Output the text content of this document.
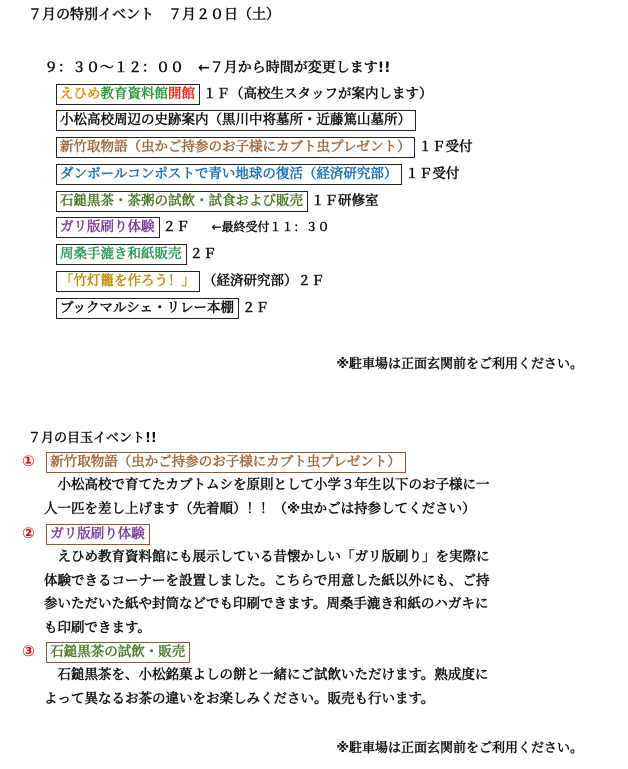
７月の特別イベント　７月２０日（土）
９：３０～１２：００　←７月から時間が変更します!!
えひめ教育資料館開館 １Ｆ（高校生スタッフが案内します）
小松高校周辺の史跡案内（黒川中将墓所・近藤篤山墓所）
新竹取物語（虫かご持参のお子様にカブト虫プレゼント） １Ｆ受付
ダンボールコンポストで青い地球の復活（経済研究部） １Ｆ受付
石鎚黒茶・茶粥の試飲・試食および販売 １Ｆ研修室
ガリ版刷り体験 ２Ｆ ←最終受付１１：３０
周桑手漉き和紙販売 ２Ｆ
「竹灯籠を作ろう！」 （経済研究部）２Ｆ
ブックマルシェ・リレー本棚 ２Ｆ
※駐車場は正面玄関前をご利用ください。
７月の目玉イベント!!
① 新竹取物語（虫かご持参のお子様にカブト虫プレゼント）
　小松高校で育てたカブトムシを原則として小学３年生以下のお子様に一
人一匹を差し上げます（先着順）！！（※虫かごは持参してください）
② ガリ版刷り体験
　えひめ教育資料館にも展示している昔懐かしい「ガリ版刷り」を実際に
体験できるコーナーを設置しました。こちらで用意した紙以外にも、ご持
参いただいた紙や封筒などでも印刷できます。周桑手漉き和紙のハガキに
も印刷できます。
③ 石鎚黒茶の試飲・販売
　石鎚黒茶を、小松銘菓よしの餅と一緒にご試飲いただけます。熟成度に
よって異なるお茶の違いをお楽しみください。販売も行います。
※駐車場は正面玄関前をご利用ください。
